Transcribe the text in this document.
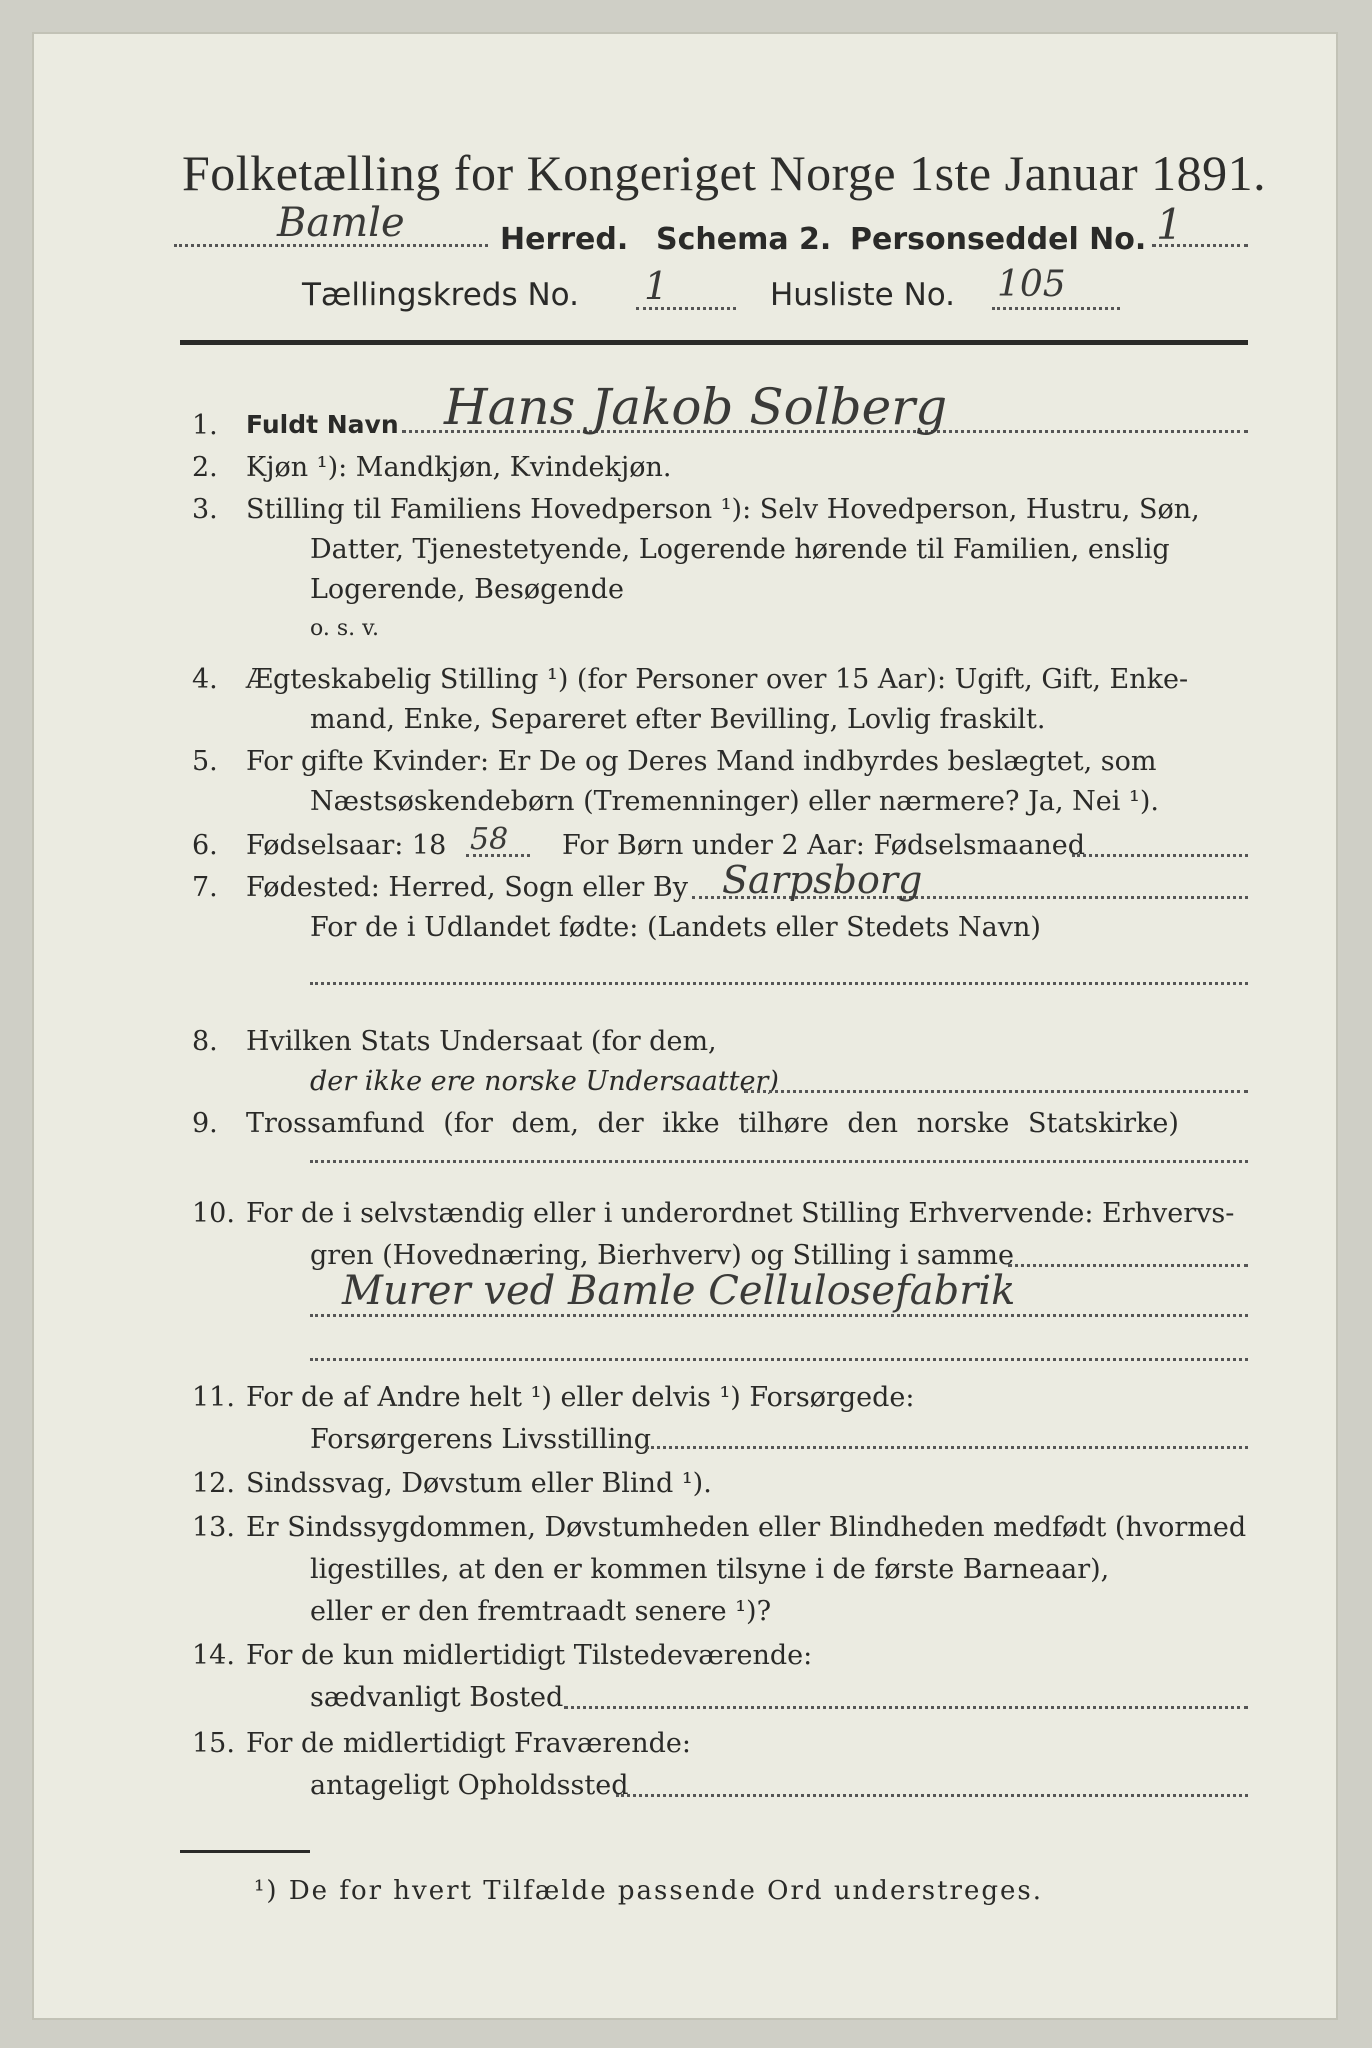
Folketælling for Kongeriget Norge 1ste Januar 1891.
Bamle	Herred. Schema 2. Personseddel No. 1
Tællingskreds No. 1	Husliste No. 105
1. Fuldt Navn Hans Jakob Solberg
2. Kjøn ¹): Mandkjøn, Kvindekjøn.
3. Stilling til Familiens Hovedperson ¹): Selv Hovedperson, Hustru, Søn,
Datter, Tjenestetyende, Logerende hørende til Familien, enslig
Logerende, Besøgende
o. s. v.
4. Ægteskabelig Stilling ¹) (for Personer over 15 Aar): Ugift, Gift, Enke-
mand, Enke, Separeret efter Bevilling, Lovlig fraskilt.
5. For gifte Kvinder: Er De og Deres Mand indbyrdes beslægtet, som
Næstsøskendebørn (Tremenninger) eller nærmere? Ja, Nei ¹).
6. Fødselsaar: 18 58 For Børn under 2 Aar: Fødselsmaaned
7. Fødested: Herred, Sogn eller By Sarpsborg
For de i Udlandet fødte: (Landets eller Stedets Navn)
8. Hvilken Stats Undersaat (for dem,
der ikke ere norske Undersaatter)
9. Trossamfund (for dem, der ikke tilhøre den norske Statskirke)
10. For de i selvstændig eller i underordnet Stilling Erhvervende: Erhvervs-
gren (Hovednæring, Bierhverv) og Stilling i samme
Murer ved Bamle Cellulosefabrik
11. For de af Andre helt ¹) eller delvis ¹) Forsørgede:
Forsørgerens Livsstilling
12. Sindssvag, Døvstum eller Blind ¹).
13. Er Sindssygdommen, Døvstumheden eller Blindheden medfødt (hvormed
ligestilles, at den er kommen tilsyne i de første Barneaar),
eller er den fremtraadt senere ¹)?
14. For de kun midlertidigt Tilstedeværende:
sædvanligt Bosted
15. For de midlertidigt Fraværende:
antageligt Opholdssted
¹) De for hvert Tilfælde passende Ord understreges.
